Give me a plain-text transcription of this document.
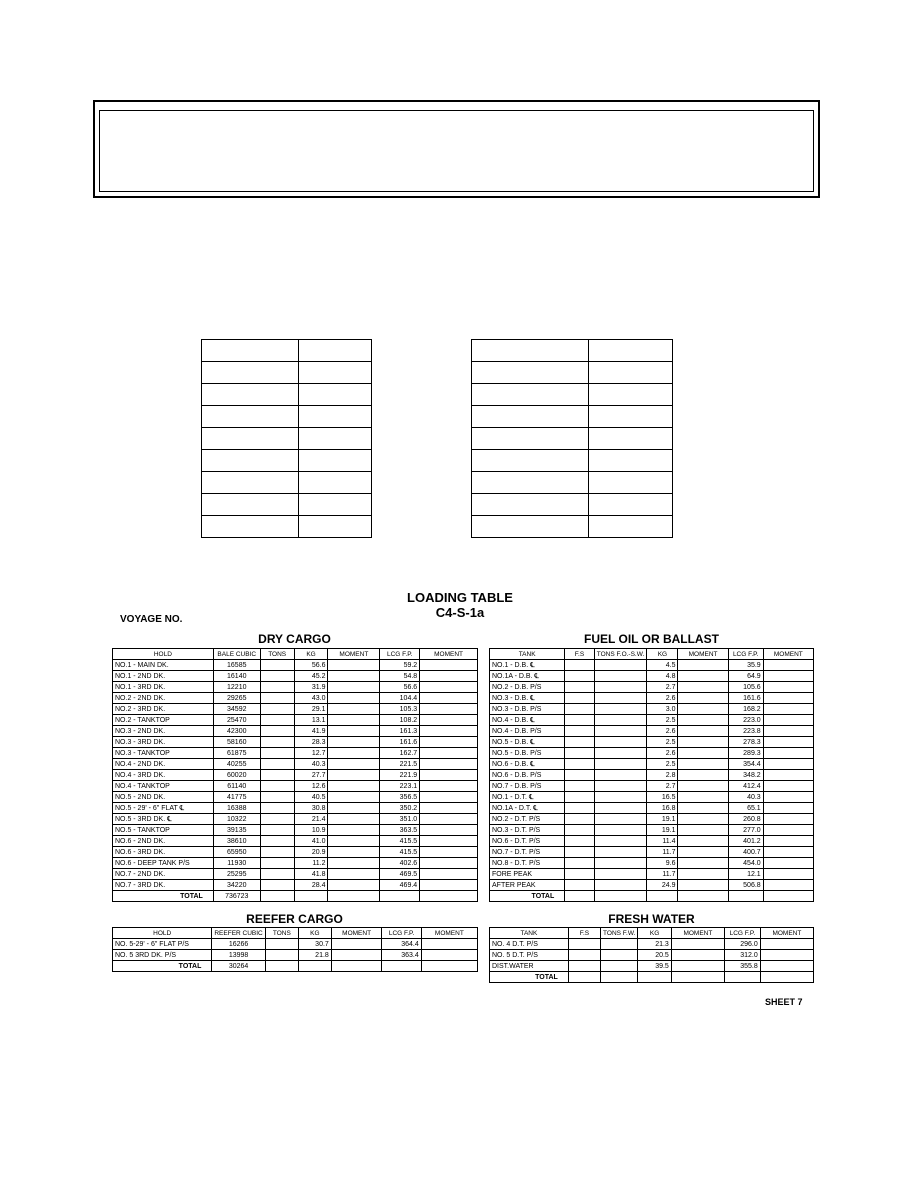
LOADING TABLE
C4-S-1a
VOYAGE NO.
DRY CARGO
HOLD	BALE CUBIC	TONS	KG	MOMENT	LCG F.P.	MOMENT
NO.1 - MAIN DK.	16585		56.6		59.2	
NO.1 - 2ND DK.	16140		45.2		54.8	
NO.1 - 3RD DK.	12210		31.9		56.6	
NO.2 - 2ND DK.	29265		43.0		104.4	
NO.2 - 3RD DK.	34592		29.1		105.3	
NO.2 - TANKTOP	25470		13.1		108.2	
NO.3 - 2ND DK.	42300		41.9		161.3	
NO.3 - 3RD DK.	58160		28.3		161.6	
NO.3 - TANKTOP	61875		12.7		162.7	
NO.4 - 2ND DK.	40255		40.3		221.5	
NO.4 - 3RD DK.	60020		27.7		221.9	
NO.4 - TANKTOP	61140		12.6		223.1	
NO.5 - 2ND DK.	41775		40.5		356.5	
NO.5 - 29' - 6" FLAT ℄	16388		30.8		350.2	
NO.5 - 3RD DK. ℄	10322		21.4		351.0	
NO.5 - TANKTOP	39135		10.9		363.5	
NO.6 - 2ND DK.	38610		41.0		415.5	
NO.6 - 3RD DK.	65950		20.9		415.5	
NO.6 - DEEP TANK P/S	11930		11.2		402.6	
NO.7 - 2ND DK.	25295		41.8		469.5	
NO.7 - 3RD DK.	34220		28.4		469.4	
TOTAL	736723					
FUEL OIL OR BALLAST
TANK	F.S	TONS F.O.-S.W.	KG	MOMENT	LCG F.P.	MOMENT
NO.1 - D.B. ℄			4.5		35.9	
NO.1A - D.B. ℄			4.8		64.9	
NO.2 - D.B. P/S			2.7		105.6	
NO.3 - D.B. ℄			2.6		161.6	
NO.3 - D.B. P/S			3.0		168.2	
NO.4 - D.B. ℄			2.5		223.0	
NO.4 - D.B. P/S			2.6		223.8	
NO.5 - D.B. ℄			2.5		278.3	
NO.5 - D.B. P/S			2.6		289.3	
NO.6 - D.B. ℄			2.5		354.4	
NO.6 - D.B. P/S			2.8		348.2	
NO.7 - D.B. P/S			2.7		412.4	
NO.1 - D.T. ℄			16.5		40.3	
NO.1A - D.T. ℄			16.8		65.1	
NO.2 - D.T. P/S			19.1		260.8	
NO.3 - D.T. P/S			19.1		277.0	
NO.6 - D.T. P/S			11.4		401.2	
NO.7 - D.T. P/S			11.7		400.7	
NO.8 - D.T. P/S			9.6		454.0	
FORE PEAK			11.7		12.1	
AFTER PEAK			24.9		506.8	
TOTAL						
REEFER CARGO
HOLD	REEFER CUBIC	TONS	KG	MOMENT	LCG F.P.	MOMENT
NO. 5-29' - 6" FLAT P/S	16266		30.7		364.4	
NO. 5 3RD DK. P/S	13998		21.8		363.4	
TOTAL	30264					
FRESH WATER
TANK	F.S	TONS F.W.	KG	MOMENT	LCG F.P.	MOMENT
NO. 4 D.T. P/S			21.3		296.0	
NO. 5 D.T. P/S			20.5		312.0	
DIST.WATER			39.5		355.8	
TOTAL						
SHEET 7
